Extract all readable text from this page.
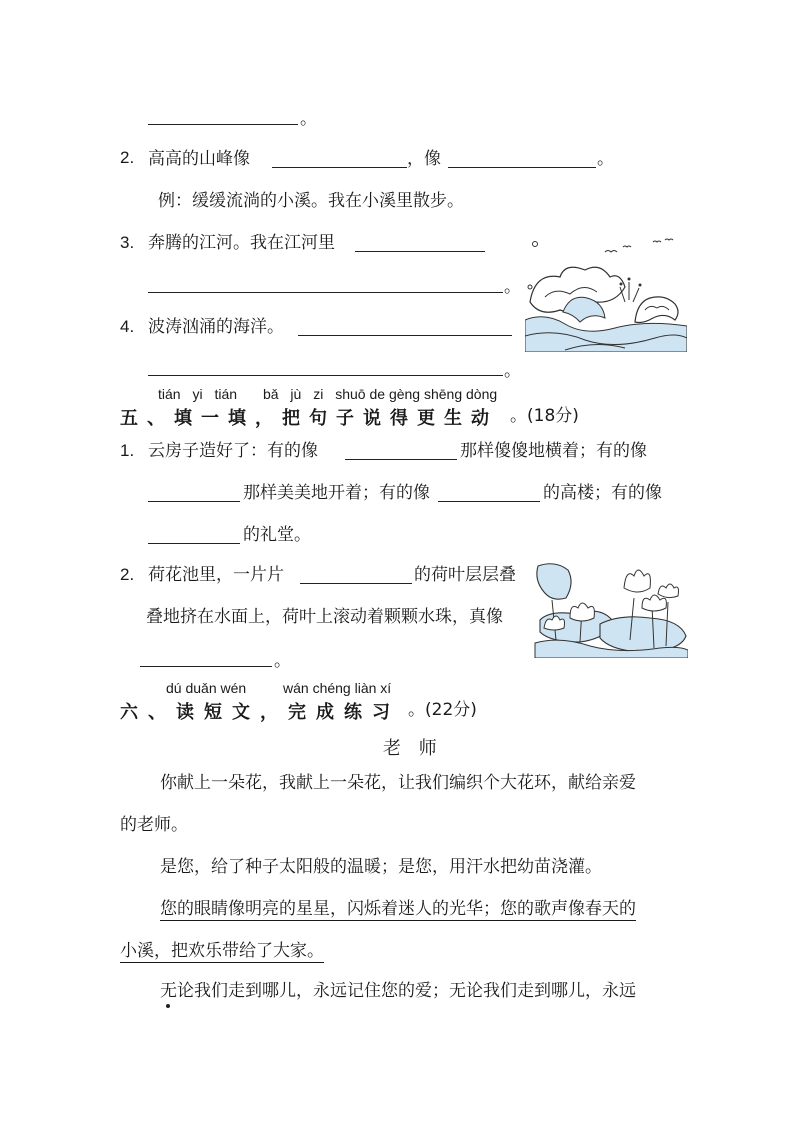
。
2. 高高的山峰像	，像	。
例：缓缓流淌的小溪。我在小溪里散步。
3. 奔腾的江河。我在江河里
。
4. 波涛汹涌的海洋。
。
tián yi tián bǎ jù zi shuō de gèng shēng dòng
五、填一填，把句子说得更生动 。(18分)
1. 云房子造好了：有的像	那样傻傻地横着；有的像
那样美美地开着；有的像	的高楼；有的像
的礼堂。
2. 荷花池里，一片片	的荷叶层层叠
叠地挤在水面上，荷叶上滚动着颗颗水珠，真像
。
dú duǎn wén	wán chéng liàn xí
六、读短文，完成练习 。(22分)
老 师
你献上一朵花，我献上一朵花，让我们编织个大花环，献给亲爱
的老师。
是您，给了种子太阳般的温暖；是您，用汗水把幼苗浇灌。
您的眼睛像明亮的星星，闪烁着迷人的光华；您的歌声像春天的
小溪，把欢乐带给了大家。
无论我们走到哪儿，永远记住您的爱；无论我们走到哪儿，永远
